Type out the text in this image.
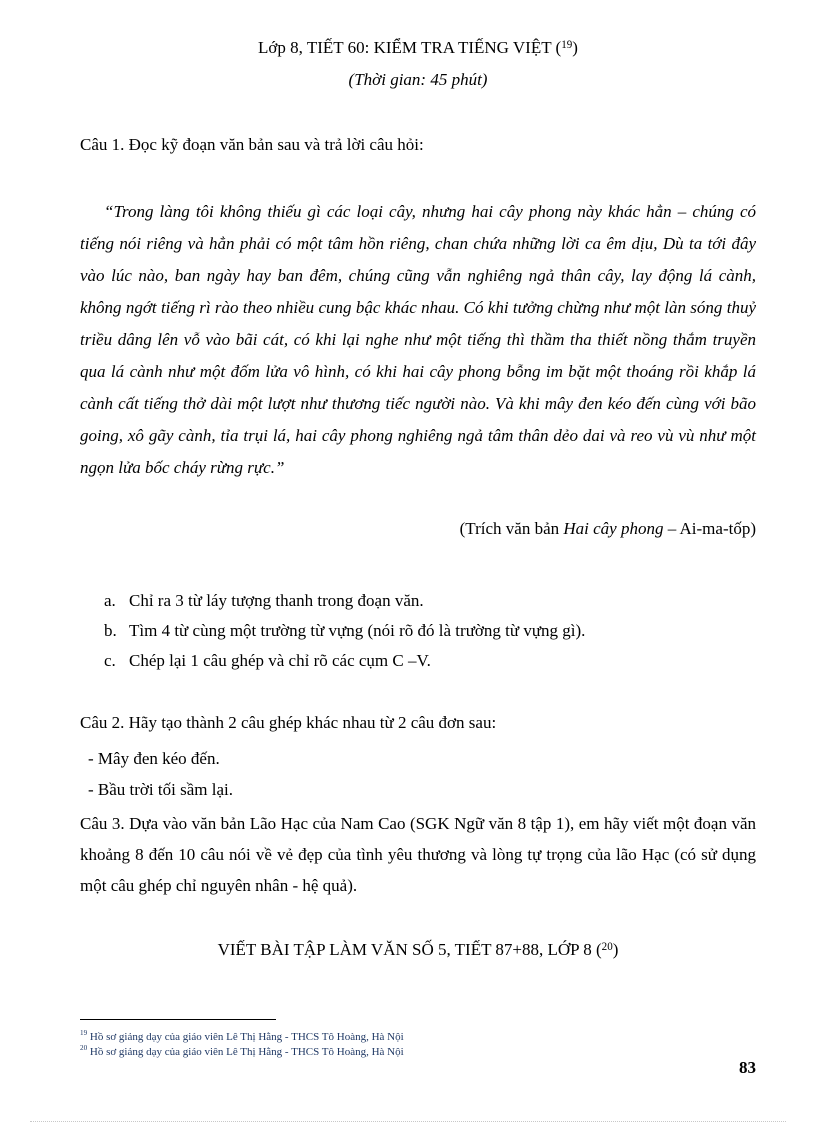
Lớp 8, TIẾT 60: KIỂM TRA TIẾNG VIỆT ($^{19}$)
(Thời gian: 45 phút)
Câu 1. Đọc kỹ đoạn văn bản sau và trả lời câu hỏi:
“Trong làng tôi không thiếu gì các loại cây, nhưng hai cây phong này khác hẳn – chúng có tiếng nói riêng và hẳn phải có một tâm hồn riêng, chan chứa những lời ca êm dịu, Dù ta tới đây vào lúc nào, ban ngày hay ban đêm, chúng cũng vẫn nghiêng ngả thân cây, lay động lá cành, không ngớt tiếng rì rào theo nhiều cung bậc khác nhau. Có khi tưởng chừng như một làn sóng thuỷ triều dâng lên vỗ vào bãi cát, có khi lại nghe như một tiếng thì thầm tha thiết nồng thắm truyền qua lá cành như một đốm lửa vô hình, có khi hai cây phong bỗng im bặt một thoáng rồi khắp lá cành cất tiếng thở dài một lượt như thương tiếc người nào. Và khi mây đen kéo đến cùng với bão going, xô gãy cành, tỉa trụi lá, hai cây phong nghiêng ngả tâm thân dẻo dai và reo vù vù như một ngọn lửa bốc cháy rừng rực.”
(Trích văn bản Hai cây phong – Ai-ma-tốp)
a. Chỉ ra 3 từ láy tượng thanh trong đoạn văn.
b. Tìm 4 từ cùng một trường từ vựng (nói rõ đó là trường từ vựng gì).
c. Chép lại 1 câu ghép và chỉ rõ các cụm C –V.
Câu 2. Hãy tạo thành 2 câu ghép khác nhau từ 2 câu đơn sau:
- Mây đen kéo đến.
- Bầu trời tối sầm lại.
Câu 3. Dựa vào văn bản Lão Hạc của Nam Cao (SGK Ngữ văn 8 tập 1), em hãy viết một đoạn văn khoảng 8 đến 10 câu nói về vẻ đẹp của tình yêu thương và lòng tự trọng của lão Hạc (có sử dụng một câu ghép chỉ nguyên nhân - hệ quả).
VIẾT BÀI TẬP LÀM VĂN SỐ 5, TIẾT 87+88, LỚP 8 ($^{20}$)
$^{19}$ Hồ sơ giảng dạy của giáo viên Lê Thị Hằng - THCS Tô Hoàng, Hà Nội
$^{20}$ Hồ sơ giảng dạy của giáo viên Lê Thị Hằng - THCS Tô Hoàng, Hà Nội
83
